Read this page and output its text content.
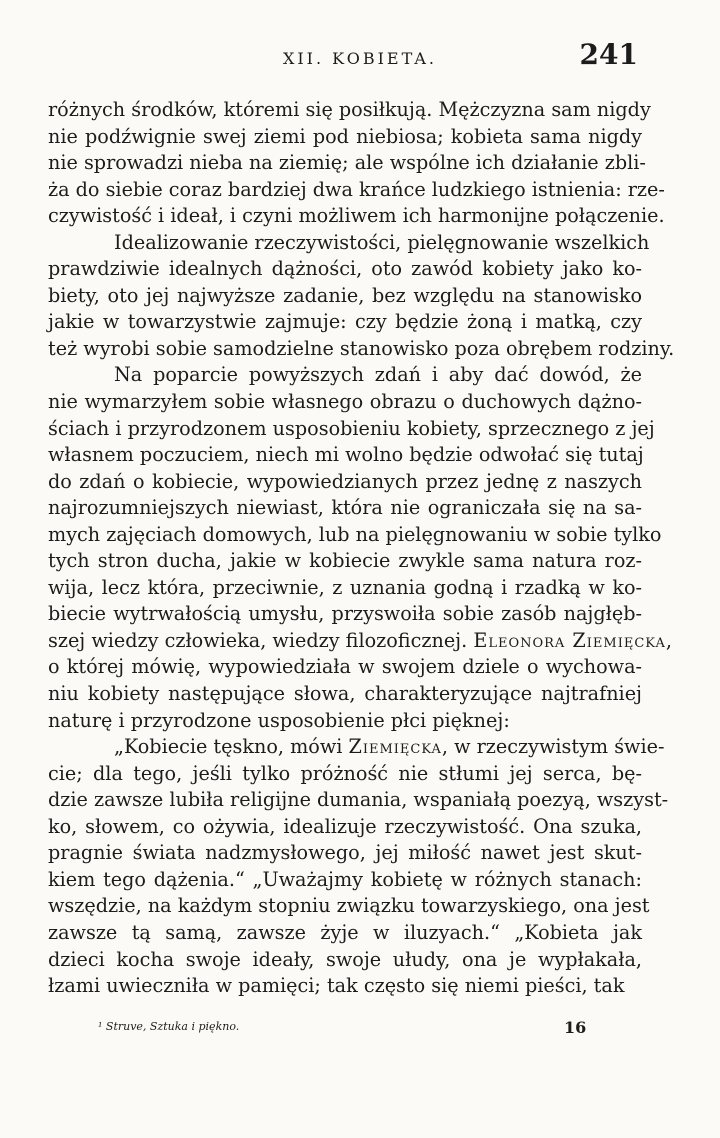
XII. KOBIETA.	241
różnych środków, któremi się posiłkują. Mężczyzna sam nigdy
nie podźwignie swej ziemi pod niebiosa; kobieta sama nigdy
nie sprowadzi nieba na ziemię; ale wspólne ich działanie zbli-
ża do siebie coraz bardziej dwa krańce ludzkiego istnienia: rze-
czywistość i ideał, i czyni możliwem ich harmonijne połączenie.
Idealizowanie rzeczywistości, pielęgnowanie wszelkich
prawdziwie idealnych dążności, oto zawód kobiety jako ko-
biety, oto jej najwyższe zadanie, bez względu na stanowisko
jakie w towarzystwie zajmuje: czy będzie żoną i matką, czy
też wyrobi sobie samodzielne stanowisko poza obrębem rodziny.
Na poparcie powyższych zdań i aby dać dowód, że
nie wymarzyłem sobie własnego obrazu o duchowych dążno-
ściach i przyrodzonem usposobieniu kobiety, sprzecznego z jej
własnem poczuciem, niech mi wolno będzie odwołać się tutaj
do zdań o kobiecie, wypowiedzianych przez jednę z naszych
najrozumniejszych niewiast, która nie ograniczała się na sa-
mych zajęciach domowych, lub na pielęgnowaniu w sobie tylko
tych stron ducha, jakie w kobiecie zwykle sama natura roz-
wija, lecz która, przeciwnie, z uznania godną i rzadką w ko-
biecie wytrwałością umysłu, przyswoiła sobie zasób najgłęb-
szej wiedzy człowieka, wiedzy filozoficznej. Eleonora Ziemięcka,
o której mówię, wypowiedziała w swojem dziele o wychowa-
niu kobiety następujące słowa, charakteryzujące najtrafniej
naturę i przyrodzone usposobienie płci pięknej:
„Kobiecie tęskno, mówi Ziemięcka, w rzeczywistym świe-
cie; dla tego, jeśli tylko próżność nie stłumi jej serca, bę-
dzie zawsze lubiła religijne dumania, wspaniałą poezyą, wszyst-
ko, słowem, co ożywia, idealizuje rzeczywistość. Ona szuka,
pragnie świata nadzmysłowego, jej miłość nawet jest skut-
kiem tego dążenia.“ „Uważajmy kobietę w różnych stanach:
wszędzie, na każdym stopniu związku towarzyskiego, ona jest
zawsze tą samą, zawsze żyje w iluzyach.“ „Kobieta jak
dzieci kocha swoje ideały, swoje ułudy, ona je wypłakała,
łzami uwieczniła w pamięci; tak często się niemi pieści, tak
¹ Struve, Sztuka i piękno.	16
